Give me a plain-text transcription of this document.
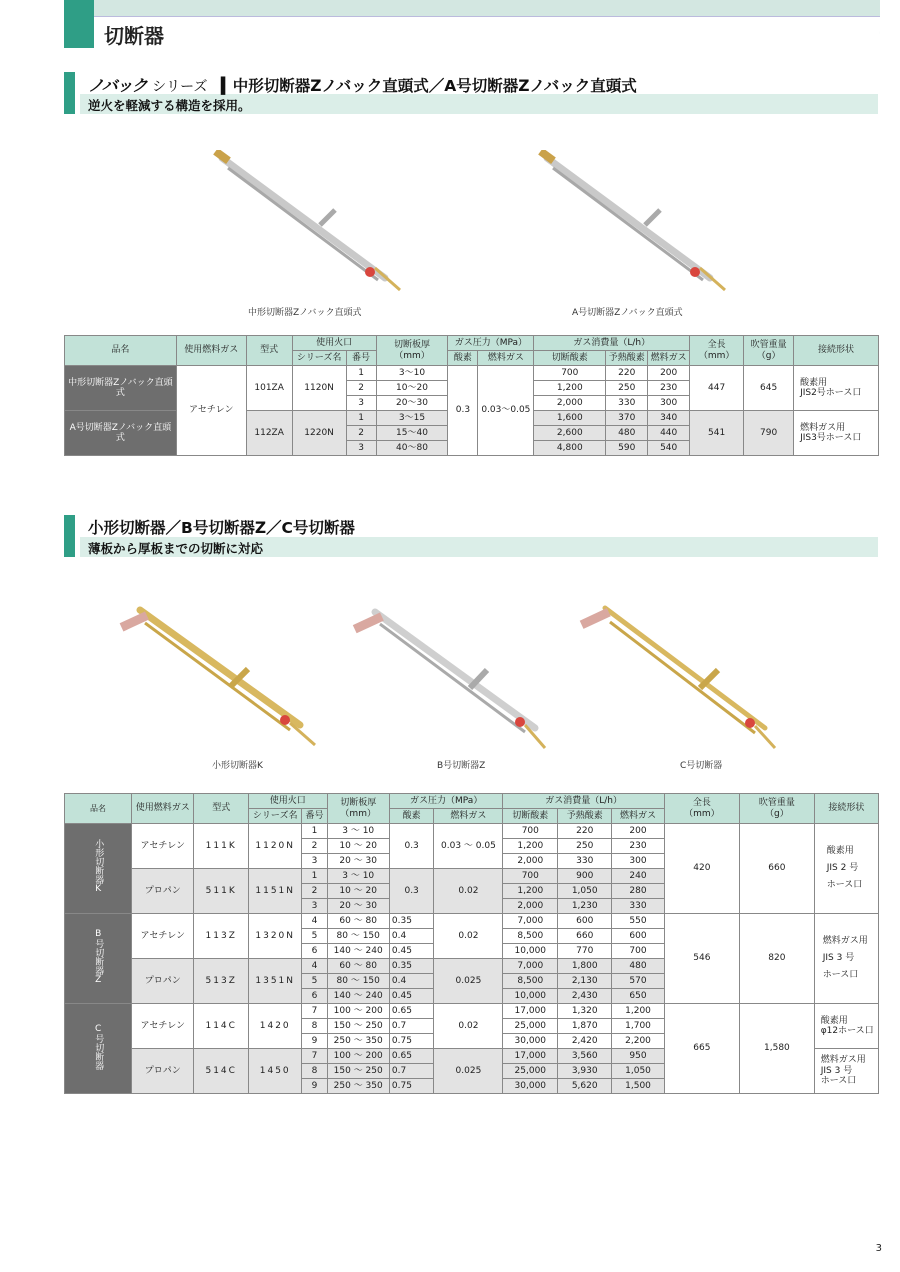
切断器
ノバック シリーズ ▍中形切断器Ζノバック直頭式／A号切断器Ζノバック直頭式
逆火を軽減する構造を採用。
中形切断器Ζノバック直頭式	A号切断器Ζノバック直頭式
品名	使用燃料ガス	型式	使用火口		切断板厚
（mm）	ガス圧力（MPa）		ガス消費量（L/h）			全長
（mm）	吹管重量
（g）	接続形状
			シリーズ名	番号		酸素	燃料ガス	切断酸素	予熱酸素	燃料ガス			
中形切断器Ζノバック直頭式	アセチレン	101ZA	1120N	1	3～10	0.3	0.03～0.05	700	220	200	447	645	酸素用
JIS2号ホース口
				2	10～20			1,200	250	230			
				3	20～30			2,000	330	300			
A号切断器Ζノバック直頭式		112ZA	1220N	1	3～15			1,600	370	340	541	790	燃料ガス用
JIS3号ホース口
				2	15～40			2,600	480	440			
				3	40～80			4,800	590	540			
小形切断器／B号切断器Ζ／C号切断器
薄板から厚板までの切断に対応
小形切断器K	B号切断器Z	C号切断器
品名	使用燃料ガス	型式	使用火口		切断板厚
（mm）	ガス圧力（MPa）		ガス消費量（L/h）			全長
（mm）	吹管重量
（g）	接続形状
			シリーズ名	番号		酸素	燃料ガス	切断酸素	予熱酸素	燃料ガス			
小形切断器K	アセチレン	111K	1120N	1	3 ～ 10	0.3	0.03 ～ 0.05	700	220	200	420	660	酸素用
JIS 2 号
ホース口
				2	10 ～ 20			1,200	250	230			
				3	20 ～ 30			2,000	330	300			
	プロパン	511K	1151N	1	3 ～ 10	0.3	0.02	700	900	240			
				2	10 ～ 20			1,200	1,050	280			
				3	20 ～ 30			2,000	1,230	330			
B号切断器Z	アセチレン	113Z	1320N	4	60 ～ 80	0.35	0.02	7,000	600	550	546	820	燃料ガス用
JIS 3 号
ホース口
				5	80 ～ 150	0.4		8,500	660	600			
				6	140 ～ 240	0.45		10,000	770	700			
	プロパン	513Z	1351N	4	60 ～ 80	0.35	0.025	7,000	1,800	480			
				5	80 ～ 150	0.4		8,500	2,130	570			
				6	140 ～ 240	0.45		10,000	2,430	650			
C号切断器	アセチレン	114C	1420	7	100 ～ 200	0.65	0.02	17,000	1,320	1,200	665	1,580	酸素用
φ12ホース口
				8	150 ～ 250	0.7		25,000	1,870	1,700			
				9	250 ～ 350	0.75		30,000	2,420	2,200			
	プロパン	514C	1450	7	100 ～ 200	0.65	0.025	17,000	3,560	950			燃料ガス用
JIS 3 号
ホース口
				8	150 ～ 250	0.7		25,000	3,930	1,050			
				9	250 ～ 350	0.75		30,000	5,620	1,500			
3
